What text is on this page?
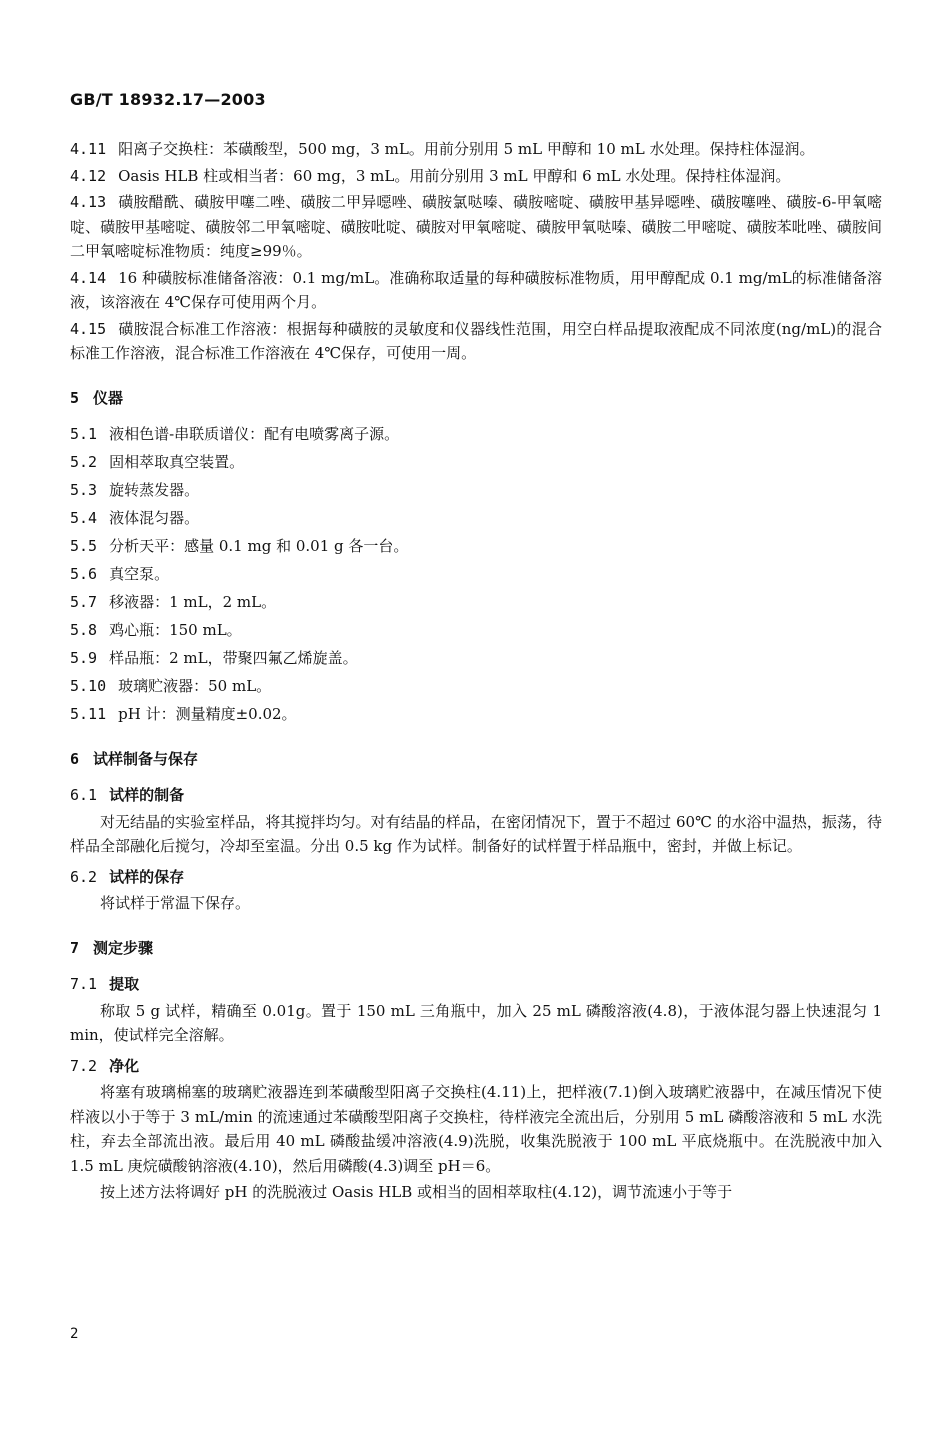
GB/T 18932.17—2003

4.11 阳离子交换柱：苯磺酸型，500 mg，3 mL。用前分别用 5 mL 甲醇和 10 mL 水处理。保持柱体湿润。

4.12 Oasis HLB 柱或相当者：60 mg，3 mL。用前分别用 3 mL 甲醇和 6 mL 水处理。保持柱体湿润。

4.13 磺胺醋酰、磺胺甲噻二唑、磺胺二甲异噁唑、磺胺氯哒嗪、磺胺嘧啶、磺胺甲基异噁唑、磺胺噻唑、磺胺-6-甲氧嘧啶、磺胺甲基嘧啶、磺胺邻二甲氧嘧啶、磺胺吡啶、磺胺对甲氧嘧啶、磺胺甲氧哒嗪、磺胺二甲嘧啶、磺胺苯吡唑、磺胺间二甲氧嘧啶标准物质：纯度≥99％。

4.14 16 种磺胺标准储备溶液：0.1 mg/mL。准确称取适量的每种磺胺标准物质，用甲醇配成 0.1 mg/mL的标准储备溶液，该溶液在 4℃保存可使用两个月。

4.15 磺胺混合标准工作溶液：根据每种磺胺的灵敏度和仪器线性范围，用空白样品提取液配成不同浓度(ng/mL)的混合标准工作溶液，混合标准工作溶液在 4℃保存，可使用一周。

5 仪器

5.1 液相色谱-串联质谱仪：配有电喷雾离子源。

5.2 固相萃取真空装置。

5.3 旋转蒸发器。

5.4 液体混匀器。

5.5 分析天平：感量 0.1 mg 和 0.01 g 各一台。

5.6 真空泵。

5.7 移液器：1 mL，2 mL。

5.8 鸡心瓶：150 mL。

5.9 样品瓶：2 mL，带聚四氟乙烯旋盖。

5.10 玻璃贮液器：50 mL。

5.11 pH 计：测量精度±0.02。

6 试样制备与保存
6.1 试样的制备

对无结晶的实验室样品，将其搅拌均匀。对有结晶的样品，在密闭情况下，置于不超过 60℃ 的水浴中温热，振荡，待样品全部融化后搅匀，冷却至室温。分出 0.5 kg 作为试样。制备好的试样置于样品瓶中，密封，并做上标记。

6.2 试样的保存

将试样于常温下保存。

7 测定步骤
7.1 提取

称取 5 g 试样，精确至 0.01g。置于 150 mL 三角瓶中，加入 25 mL 磷酸溶液(4.8)，于液体混匀器上快速混匀 1 min，使试样完全溶解。

7.2 净化

将塞有玻璃棉塞的玻璃贮液器连到苯磺酸型阳离子交换柱(4.11)上，把样液(7.1)倒入玻璃贮液器中，在减压情况下使样液以小于等于 3 mL/min 的流速通过苯磺酸型阳离子交换柱，待样液完全流出后，分别用 5 mL 磷酸溶液和 5 mL 水洗柱，弃去全部流出液。最后用 40 mL 磷酸盐缓冲溶液(4.9)洗脱，收集洗脱液于 100 mL 平底烧瓶中。在洗脱液中加入 1.5 mL 庚烷磺酸钠溶液(4.10)，然后用磷酸(4.3)调至 pH＝6。

按上述方法将调好 pH 的洗脱液过 Oasis HLB 或相当的固相萃取柱(4.12)，调节流速小于等于

2
